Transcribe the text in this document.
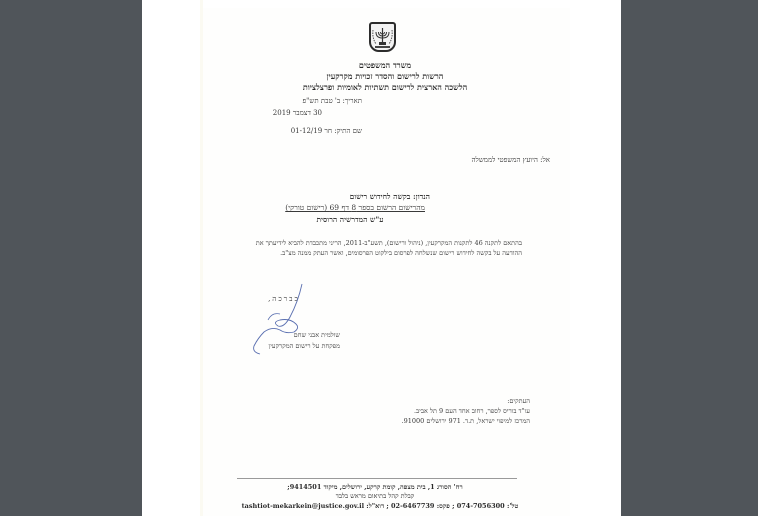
משרד המשפטים
הרשות לרישום והסדר זכויות מקרקעין
הלשכה הארצית לרישום תשתיות לאומיות ופרצלציות
תאריך: ב' טבת תש"פ
30 דצמבר 2019
שם התיק: חר 01-12/19
אל: היועץ המשפטי לממשלה
הנדון: בקשה לחידוש רישום
מהרישום הרשום בספר 8 דף 69 (רישום טורקי)
ע"ש המדרשיה הרוסית
בהתאם לתקנה 46 לתקנות המקרקעין, (ניהול ורישום), תשע"ב-2011, הריני מתכבדת להביא לידיעתך את
ההודעה על בקשה לחידוש רישום שנשלחה לפרסום בילקוט הפרסומים, ואשר העתק ממנה מצ"ב.
בברכה,
שולמית אבני שחם
מפקחת על רישום המקרקעין
העתקים:
עו"ד בוריס לספר, רחוב אחד העם 9 תל אביב.
המרכז למיפוי ישראל, ת.ד. 971 ירושלים 91000.
רח' הסורג 1, בית מצפה, קומת קרקע, ירושלים, מיקוד 9414501;
קבלת קהל בתיאום מראש בלבד
טל': 074-7056300 ; פקס: 02-6467739 ; דוא"ל: tashtiot-mekarkein@justice.gov.il
